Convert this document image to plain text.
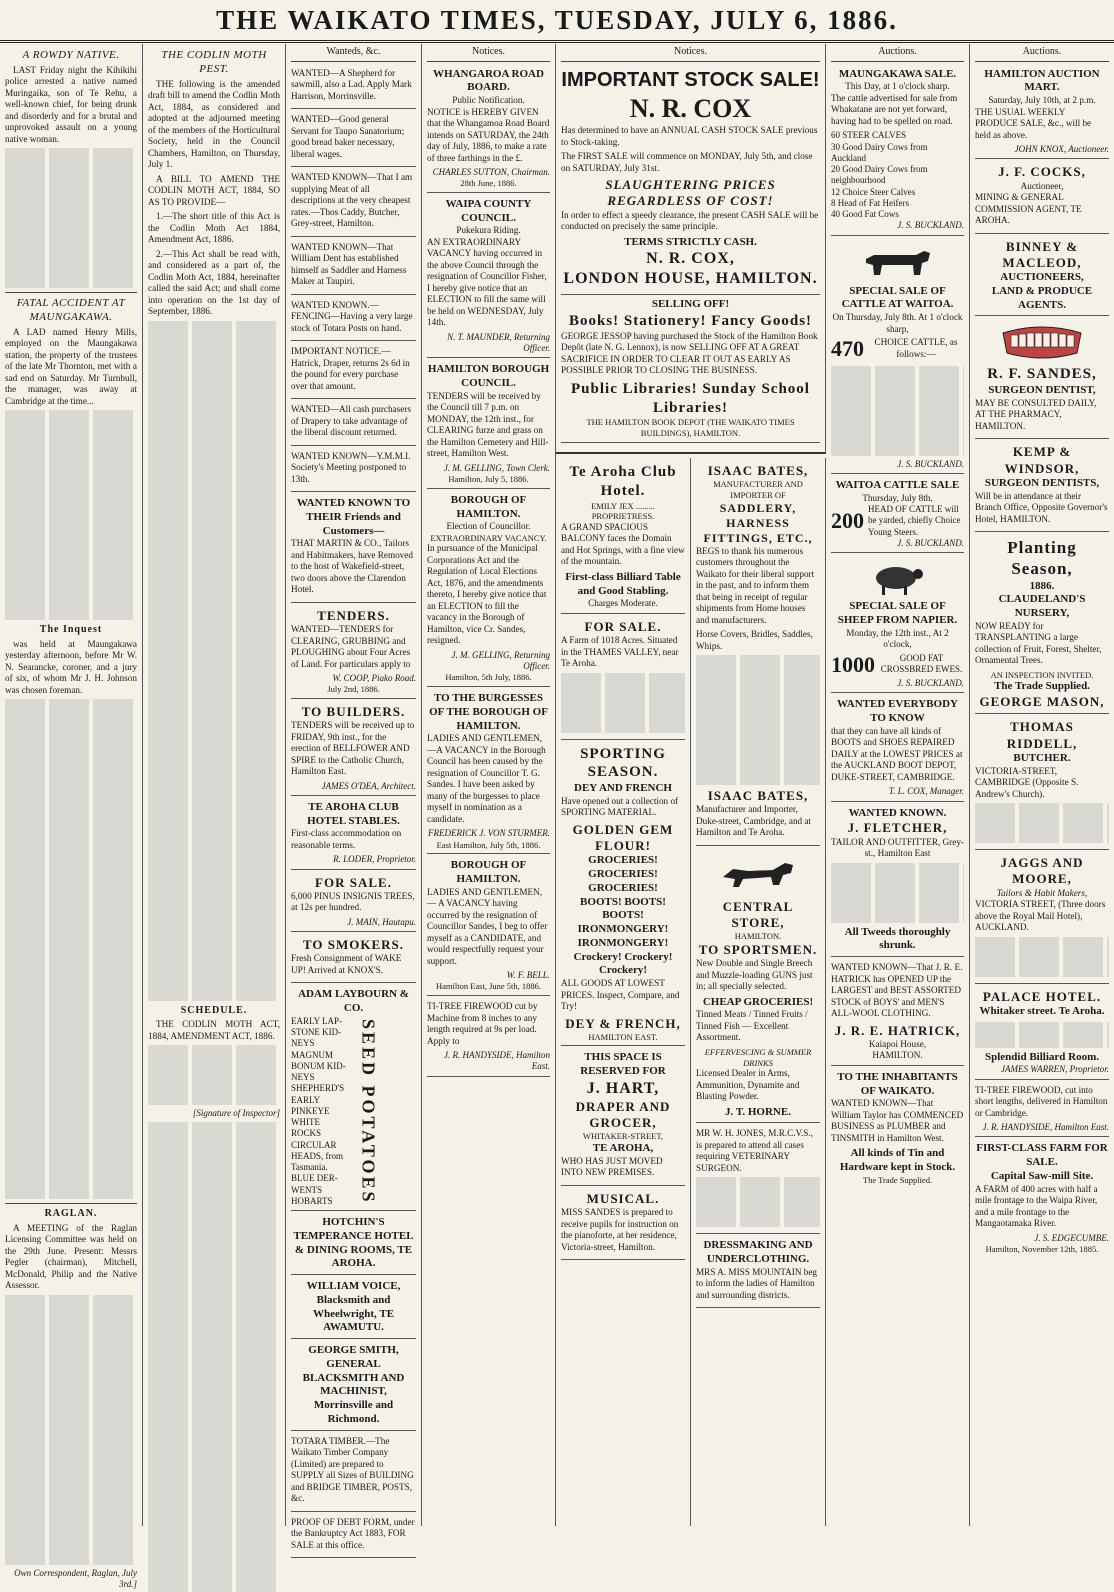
THE WAIKATO TIMES, TUESDAY, JULY 6, 1886.
A ROWDY NATIVE.

LAST Friday night the Kihikihi police arrested a native named Muringaika, son of Te Rehu, a well-known chief, for being drunk and disorderly and for a brutal and unprovoked assault on a young native woman.

FATAL ACCIDENT AT MAUNGAKAWA.

A LAD named Henry Mills, employed on the Maungakawa station, the property of the trustees of the late Mr Thornton, met with a sad end on Saturday. Mr Turnbull, the manager, was away at Cambridge at the time...

The Inquest

was held at Maungakawa yesterday afternoon, before Mr W. N. Searancke, coroner, and a jury of six, of whom Mr J. H. Johnson was chosen foreman.

RAGLAN.

A MEETING of the Raglan Licensing Committee was held on the 29th June. Present: Messrs Pegler (chairman), Mitchell, McDonald, Philip and the Native Assessor.

Own Correspondent, Raglan, July 3rd.]
THE CODLIN MOTH PEST.

THE following is the amended draft bill to amend the Codlin Moth Act, 1884, as considered and adopted at the adjourned meeting of the members of the Horticultural Society, held in the Council Chambers, Hamilton, on Thursday, July 1.

A BILL TO AMEND THE CODLIN MOTH ACT, 1884, SO AS TO PROVIDE—

1.—The short title of this Act is the Codlin Moth Act 1884, Amendment Act, 1886.

2.—This Act shall be read with, and considered as a part of, the Codlin Moth Act, 1884, hereinafter called the said Act; and shall come into operation on the 1st day of September, 1886.

SCHEDULE.

THE CODLIN MOTH ACT, 1884, AMENDMENT ACT, 1886.

[Signature of Inspector]
Wanteds, &c.

WANTED—A Shepherd for sawmill, also a Lad. Apply Mark Harrison, Morrinsville.

WANTED—Good general Servant for Taupo Sanatorium; good bread baker necessary, liberal wages.

WANTED KNOWN—That I am supplying Meat of all descriptions at the very cheapest rates.—Thos Caddy, Butcher, Grey-street, Hamilton.

WANTED KNOWN—That William Dent has established himself as Saddler and Harness Maker at Taupiri.

WANTED KNOWN.—FENCING—Having a very large stock of Totara Posts on hand.

IMPORTANT NOTICE.—Hatrick, Draper, returns 2s 6d in the pound for every purchase over that amount.

WANTED—All cash purchasers of Drapery to take advantage of the liberal discount returned.

WANTED KNOWN—Y.M.M.I. Society's Meeting postponed to 13th.

WANTED KNOWN TO THEIR Friends and Customers—

THAT MARTIN & CO., Tailors and Habitmakers, have Removed to the host of Wakefield-street, two doors above the Clarendon Hotel.

TENDERS.

WANTED—TENDERS for CLEARING, GRUBBING and PLOUGHING about Four Acres of Land. For particulars apply to

W. COOP, Piako Road.
July 2nd, 1886.
TO BUILDERS.

TENDERS will be received up to FRIDAY, 9th inst., for the erection of BELLFOWER AND SPIRE to the Catholic Church, Hamilton East.

JAMES O'DEA, Architect.
TE AROHA CLUB HOTEL STABLES.

First-class accommodation on reasonable terms.

R. LODER, Proprietor.
FOR SALE.

6,000 PINUS INSIGNIS TREES, at 12s per hundred.

J. MAIN, Hautapu.
TO SMOKERS.

Fresh Consignment of WAKE UP! Arrived at KNOX'S.

ADAM LAYBOURN & CO.
EARLY LAP-
STONE KID-
NEYS
MAGNUM
BONUM KID-
NEYS
SHEPHERD'S
EARLY
PINKEYE
WHITE ROCKS
CIRCULAR
HEADS, from
Tasmania.
BLUE DER-
WENTS
HOBARTS	SEED POTATOES
HOTCHIN'S TEMPERANCE HOTEL & DINING ROOMS, TE AROHA.
WILLIAM VOICE, Blacksmith and Wheelwright, TE AWAMUTU.
GEORGE SMITH, GENERAL BLACKSMITH AND MACHINIST, Morrinsville and Richmond.

TOTARA TIMBER.—The Waikato Timber Company (Limited) are prepared to SUPPLY all Sizes of BUILDING and BRIDGE TIMBER, POSTS, &c.

PROOF OF DEBT FORM, under the Bankruptcy Act 1883, FOR SALE at this office.

Notices.
WHANGAROA ROAD BOARD.
Public Notification.

NOTICE is HEREBY GIVEN that the Whangamoa Road Board intends on SATURDAY, the 24th day of July, 1886, to make a rate of three farthings in the £.

CHARLES SUTTON, Chairman.
28th June, 1886.
WAIPA COUNTY COUNCIL.
Pukekura Riding.

AN EXTRAORDINARY VACANCY having occurred in the above Council through the resignation of Councillor Fisher, I hereby give notice that an ELECTION to fill the same will be held on WEDNESDAY, July 14th.

N. T. MAUNDER, Returning Officer.
HAMILTON BOROUGH COUNCIL.

TENDERS will be received by the Council till 7 p.m. on MONDAY, the 12th inst., for CLEARING furze and grass on the Hamilton Cemetery and Hill-street, Hamilton West.

J. M. GELLING, Town Clerk.
Hamilton, July 5, 1886.
BOROUGH OF HAMILTON.
Election of Councillor.
EXTRAORDINARY VACANCY.

In pursuance of the Municipal Corporations Act and the Regulation of Local Elections Act, 1876, and the amendments thereto, I hereby give notice that an ELECTION to fill the vacancy in the Borough of Hamilton, vice Cr. Sandes, resigned.

J. M. GELLING, Returning Officer.
Hamilton, 5th July, 1886.
TO THE BURGESSES OF THE BOROUGH OF HAMILTON.

LADIES AND GENTLEMEN,—A VACANCY in the Borough Council has been caused by the resignation of Councillor T. G. Sandes. I have been asked by many of the burgesses to place myself in nomination as a candidate.

FREDERICK J. VON STURMER.
East Hamilton, July 5th, 1886.
BOROUGH OF HAMILTON.

LADIES AND GENTLEMEN,— A VACANCY having occurred by the resignation of Councillor Sandes, I beg to offer myself as a CANDIDATE, and would respectfully request your support.

W. F. BELL.
Hamilton East, June 5th, 1886.

TI-TREE FIREWOOD cut by Machine from 8 inches to any length required at 9s per load. Apply to

J. R. HANDYSIDE, Hamilton East.
Notices.
IMPORTANT STOCK SALE!
N. R. COX

Has determined to have an ANNUAL CASH STOCK SALE previous to Stock-taking.

The FIRST SALE will commence on MONDAY, July 5th, and close on SATURDAY, July 31st.

SLAUGHTERING PRICES REGARDLESS OF COST!

In order to effect a speedy clearance, the present CASH SALE will be conducted on precisely the same principle.

TERMS STRICTLY CASH.
N. R. COX,
LONDON HOUSE, HAMILTON.
SELLING OFF!
Books! Stationery! Fancy Goods!

GEORGE JESSOP having purchased the Stock of the Hamilton Book Depôt (late N. G. Lennox), is now SELLING OFF AT A GREAT SACRIFICE IN ORDER TO CLEAR IT OUT AS EARLY AS POSSIBLE PRIOR TO CLOSING THE BUSINESS.

Public Libraries! Sunday School Libraries!
THE HAMILTON BOOK DEPOT (THE WAIKATO TIMES BUILDINGS), HAMILTON.
Te Aroha Club Hotel.
EMILY JEX ......... PROPRIETRESS.

A GRAND SPACIOUS BALCONY faces the Domain and Hot Springs, with a fine view of the mountain.

First-class Billiard Table and Good Stabling.
Charges Moderate.
FOR SALE.

A Farm of 1018 Acres. Situated in the THAMES VALLEY, near Te Aroha.

SPORTING SEASON.
DEY AND FRENCH

Have opened out a collection of SPORTING MATERIAL.

GOLDEN GEM FLOUR!
GROCERIES! GROCERIES! GROCERIES!
BOOTS! BOOTS! BOOTS!
IRONMONGERY! IRONMONGERY!
Crockery! Crockery! Crockery!

ALL GOODS AT LOWEST PRICES. Inspect, Compare, and Try!

DEY & FRENCH,
HAMILTON EAST.
THIS SPACE IS RESERVED FOR
J. HART,
DRAPER AND GROCER,
WHITAKER-STREET,
TE AROHA,

WHO HAS JUST MOVED INTO NEW PREMISES.

MUSICAL.

MISS SANDES is prepared to receive pupils for instruction on the pianoforte, at her residence, Victoria-street, Hamilton.

ISAAC BATES,
MANUFACTURER AND IMPORTER OF
SADDLERY, HARNESS FITTINGS, ETC.,

BEGS to thank his numerous customers throughout the Waikato for their liberal support in the past, and to inform them that being in receipt of regular shipments from Home houses and manufacturers.

Horse Covers, Bridles, Saddles, Whips.

ISAAC BATES,

Manufacturer and Importer, Duke-street, Cambridge, and at Hamilton and Te Aroha.

CENTRAL STORE,
HAMILTON.
TO SPORTSMEN.

New Double and Single Breech and Muzzle-loading GUNS just in; all specially selected.

CHEAP GROCERIES!

Tinned Meats / Tinned Fruits / Tinned Fish — Excellent Assortment.

EFFERVESCING & SUMMER DRINKS

Licensed Dealer in Arms, Ammunition, Dynamite and Blasting Powder.

J. T. HORNE.

MR W. H. JONES, M.R.C.V.S., is prepared to attend all cases requiring VETERINARY SURGEON.

DRESSMAKING AND UNDERCLOTHING.

MRS A. MISS MOUNTAIN beg to inform the ladies of Hamilton and surrounding districts.

Auctions.
MAUNGAKAWA SALE.
This Day, at 1 o'clock sharp.

The cattle advertised for sale from Whakatane are not yet forward, having had to be spelled on road.

60 STEER CALVES
30 Good Dairy Cows from Auckland
20 Good Dairy Cows from neighbourhood
12 Choice Steer Calves
8 Head of Fat Heifers
40 Good Fat Cows
J. S. BUCKLAND.
SPECIAL SALE OF CATTLE AT WAITOA.
On Thursday, July 8th. At 1 o'clock sharp,
470	CHOICE CATTLE, as follows:—
J. S. BUCKLAND.
WAITOA CATTLE SALE
Thursday, July 8th.
200 HEAD OF CATTLE will be yarded, chiefly Choice Young Steers.
J. S. BUCKLAND.
SPECIAL SALE OF SHEEP FROM NAPIER.
Monday, the 12th inst., At 2 o'clock,
1000	GOOD FAT CROSSBRED EWES.
J. S. BUCKLAND.
WANTED EVERYBODY TO KNOW

that they can have all kinds of BOOTS and SHOES REPAIRED DAILY at the LOWEST PRICES at the AUCKLAND BOOT DEPOT, DUKE-STREET, CAMBRIDGE.

T. L. COX, Manager.
WANTED KNOWN.
J. FLETCHER,
TAILOR AND OUTFITTER, Grey-st., Hamilton East
All Tweeds thoroughly shrunk.

WANTED KNOWN—That J. R. E. HATRICK has OPENED UP the LARGEST and BEST ASSORTED STOCK of BOYS' and MEN'S ALL-WOOL CLOTHING.

J. R. E. HATRICK,
Kaiapoi House,
HAMILTON.
TO THE INHABITANTS OF WAIKATO.

WANTED KNOWN—That William Taylor has COMMENCED BUSINESS as PLUMBER and TINSMITH in Hamilton West.

All kinds of Tin and Hardware kept in Stock.
The Trade Supplied.
Auctions.
HAMILTON AUCTION MART.
Saturday, July 10th, at 2 p.m.

THE USUAL WEEKLY PRODUCE SALE, &c., will be held as above.

JOHN KNOX, Auctioneer.
J. F. COCKS,
Auctioneer,

MINING & GENERAL COMMISSION AGENT, TE AROHA.

BINNEY & MACLEOD,
AUCTIONEERS,
LAND & PRODUCE AGENTS.
R. F. SANDES,
SURGEON DENTIST,

MAY BE CONSULTED DAILY, AT THE PHARMACY, HAMILTON.

KEMP & WINDSOR,
SURGEON DENTISTS,

Will be in attendance at their Branch Office, Opposite Governor's Hotel, HAMILTON.

Planting Season,
1886.
CLAUDELAND'S NURSERY,

NOW READY for TRANSPLANTING a large collection of Fruit, Forest, Shelter, Ornamental Trees.

AN INSPECTION INVITED.
The Trade Supplied.
GEORGE MASON,
THOMAS RIDDELL,
BUTCHER.

VICTORIA-STREET, CAMBRIDGE (Opposite S. Andrew's Church).

JAGGS AND MOORE,
Tailors & Habit Makers,

VICTORIA STREET, (Three doors above the Royal Mail Hotel), AUCKLAND.

PALACE HOTEL.
Whitaker street. Te Aroha.
Splendid Billiard Room.
JAMES WARREN, Proprietor.

TI-TREE FIREWOOD, cut into short lengths, delivered in Hamilton or Cambridge.

J. R. HANDYSIDE, Hamilton East.
FIRST-CLASS FARM FOR SALE.
Capital Saw-mill Site.

A FARM of 400 acres with half a mile frontage to the Waipa River, and a mile frontage to the Mangaotamaka River.

J. S. EDGECUMBE.
Hamilton, November 12th, 1885.
